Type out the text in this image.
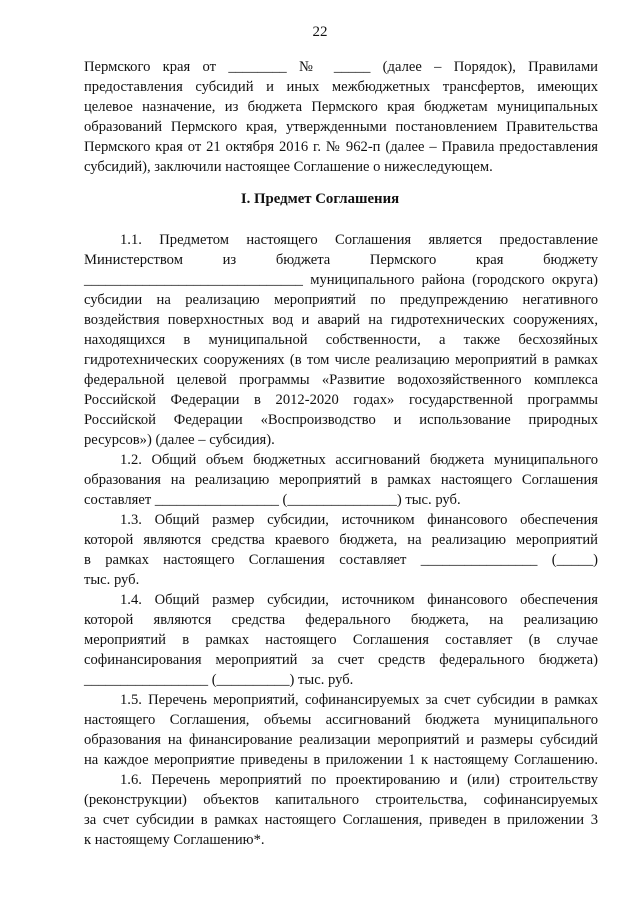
22
Пермского края от ________ № _____ (далее – Порядок), Правилами
предоставления субсидий и иных межбюджетных трансфертов, имеющих
целевое назначение, из бюджета Пермского края бюджетам муниципальных
образований Пермского края, утвержденными постановлением Правительства
Пермского края от 21 октября 2016 г. № 962-п (далее – Правила предоставления
субсидий), заключили настоящее Соглашение о нижеследующем.
I. Предмет Соглашения
1.1. Предметом настоящего Соглашения является предоставление
Министерством из бюджета Пермского края бюджету
______________________________ муниципального района (городского округа)
субсидии на реализацию мероприятий по предупреждению негативного
воздействия поверхностных вод и аварий на гидротехнических сооружениях,
находящихся в муниципальной собственности, а также бесхозяйных
гидротехнических сооружениях (в том числе реализацию мероприятий в рамках
федеральной целевой программы «Развитие водохозяйственного комплекса
Российской Федерации в 2012-2020 годах» государственной программы
Российской Федерации «Воспроизводство и использование природных
ресурсов») (далее – субсидия).
1.2. Общий объем бюджетных ассигнований бюджета муниципального
образования на реализацию мероприятий в рамках настоящего Соглашения
составляет _________________ (_______________) тыс. руб.
1.3. Общий размер субсидии, источником финансового обеспечения
которой являются средства краевого бюджета, на реализацию мероприятий
в рамках настоящего Соглашения составляет ________________ (_____)
тыс. руб.
1.4. Общий размер субсидии, источником финансового обеспечения
которой являются средства федерального бюджета, на реализацию
мероприятий в рамках настоящего Соглашения составляет (в случае
софинансирования мероприятий за счет средств федерального бюджета)
_________________ (__________) тыс. руб.
1.5. Перечень мероприятий, софинансируемых за счет субсидии в рамках
настоящего Соглашения, объемы ассигнований бюджета муниципального
образования на финансирование реализации мероприятий и размеры субсидий
на каждое мероприятие приведены в приложении 1 к настоящему Соглашению.
1.6. Перечень мероприятий по проектированию и (или) строительству
(реконструкции) объектов капитального строительства, софинансируемых
за счет субсидии в рамках настоящего Соглашения, приведен в приложении 3
к настоящему Соглашению*.
